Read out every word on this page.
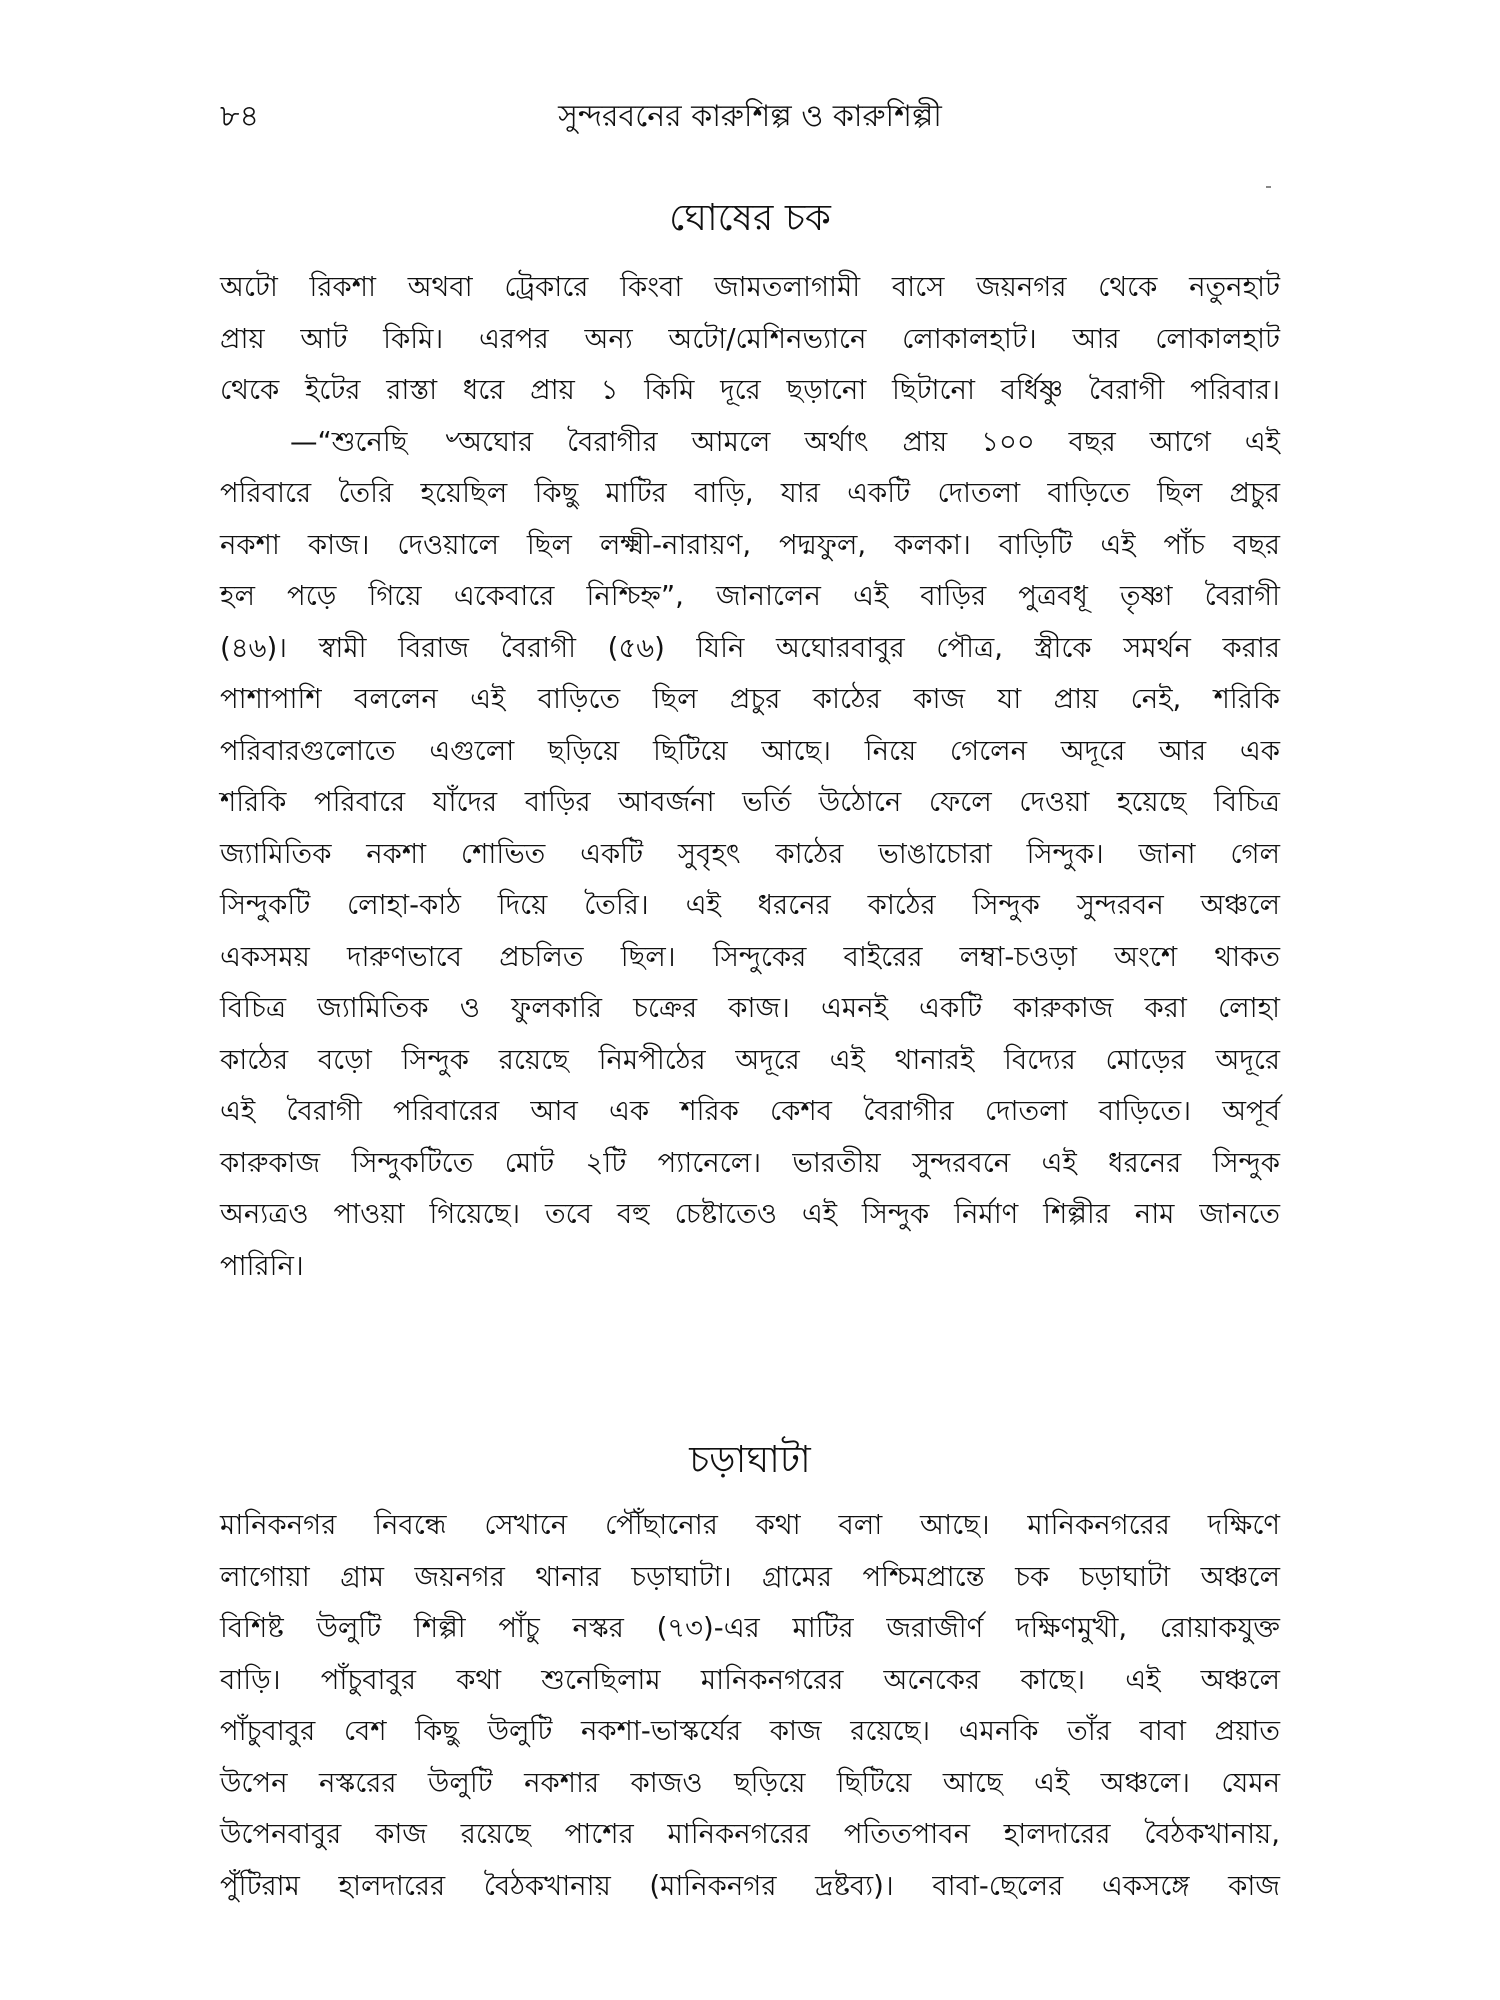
৮৪	সুন্দরবনের কারুশিল্প ও কারুশিল্পী
ঘোষের চক

অটো রিকশা অথবা ট্রেকারে কিংবা জামতলাগামী বাসে জয়নগর থেকে নতুনহাট
প্রায় আট কিমি। এরপর অন্য অটো/মেশিনভ্যানে লোকালহাট। আর লোকালহাট
থেকে ইটের রাস্তা ধরে প্রায় ১ কিমি দূরে ছড়ানো ছিটানো বর্ধিষ্ণু বৈরাগী পরিবার।
—“শুনেছি ৺অঘোর বৈরাগীর আমলে অর্থাৎ প্রায় ১০০ বছর আগে এই
পরিবারে তৈরি হয়েছিল কিছু মাটির বাড়ি, যার একটি দোতলা বাড়িতে ছিল প্রচুর
নকশা কাজ। দেওয়ালে ছিল লক্ষ্মী-নারায়ণ, পদ্মফুল, কলকা। বাড়িটি এই পাঁচ বছর
হল পড়ে গিয়ে একেবারে নিশ্চিহ্ন”, জানালেন এই বাড়ির পুত্রবধূ তৃষ্ণা বৈরাগী
(৪৬)। স্বামী বিরাজ বৈরাগী (৫৬) যিনি অঘোরবাবুর পৌত্র, স্ত্রীকে সমর্থন করার
পাশাপাশি বললেন এই বাড়িতে ছিল প্রচুর কাঠের কাজ যা প্রায় নেই, শরিকি
পরিবারগুলোতে এগুলো ছড়িয়ে ছিটিয়ে আছে। নিয়ে গেলেন অদূরে আর এক
শরিকি পরিবারে যাঁদের বাড়ির আবর্জনা ভর্তি উঠোনে ফেলে দেওয়া হয়েছে বিচিত্র
জ্যামিতিক নকশা শোভিত একটি সুবৃহৎ কাঠের ভাঙাচোরা সিন্দুক। জানা গেল
সিন্দুকটি লোহা-কাঠ দিয়ে তৈরি। এই ধরনের কাঠের সিন্দুক সুন্দরবন অঞ্চলে
একসময় দারুণভাবে প্রচলিত ছিল। সিন্দুকের বাইরের লম্বা-চওড়া অংশে থাকত
বিচিত্র জ্যামিতিক ও ফুলকারি চক্রের কাজ। এমনই একটি কারুকাজ করা লোহা
কাঠের বড়ো সিন্দুক রয়েছে নিমপীঠের অদূরে এই থানারই বিদ্যের মোড়ের অদূরে
এই বৈরাগী পরিবারের আব এক শরিক কেশব বৈরাগীর দোতলা বাড়িতে। অপূর্ব
কারুকাজ সিন্দুকটিতে মোট ২টি প্যানেলে। ভারতীয় সুন্দরবনে এই ধরনের সিন্দুক
অন্যত্রও পাওয়া গিয়েছে। তবে বহু চেষ্টাতেও এই সিন্দুক নির্মাণ শিল্পীর নাম জানতে
পারিনি।

চড়াঘাটা

মানিকনগর নিবন্ধে সেখানে পৌঁছানোর কথা বলা আছে। মানিকনগরের দক্ষিণে
লাগোয়া গ্রাম জয়নগর থানার চড়াঘাটা। গ্রামের পশ্চিমপ্রান্তে চক চড়াঘাটা অঞ্চলে
বিশিষ্ট উলুটি শিল্পী পাঁচু নস্কর (৭৩)-এর মাটির জরাজীর্ণ দক্ষিণমুখী, রোয়াকযুক্ত
বাড়ি। পাঁচুবাবুর কথা শুনেছিলাম মানিকনগরের অনেকের কাছে। এই অঞ্চলে
পাঁচুবাবুর বেশ কিছু উলুটি নকশা-ভাস্কর্যের কাজ রয়েছে। এমনকি তাঁর বাবা প্রয়াত
উপেন নস্করের উলুটি নকশার কাজও ছড়িয়ে ছিটিয়ে আছে এই অঞ্চলে। যেমন
উপেনবাবুর কাজ রয়েছে পাশের মানিকনগরের পতিতপাবন হালদারের বৈঠকখানায়,
পুঁটিরাম হালদারের বৈঠকখানায় (মানিকনগর দ্রষ্টব্য)। বাবা-ছেলের একসঙ্গে কাজ
